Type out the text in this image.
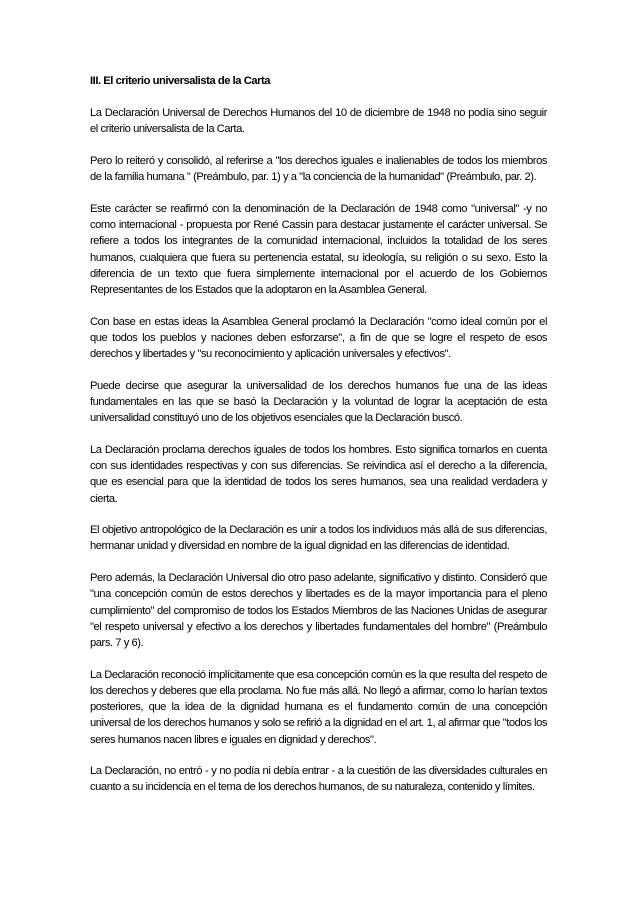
III. El criterio universalista de la Carta

La Declaración Universal de Derechos Humanos del 10 de diciembre de 1948 no podía sino seguir el criterio universalista de la Carta.

Pero lo reiteró y consolidó, al referirse a "los derechos iguales e inalienables de todos los miembros de la familia humana " (Preámbulo, par. 1) y a "la conciencia de la humanidad" (Preámbulo, par. 2).

Este carácter se reafirmó con la denominación de la Declaración de 1948 como "universal" -y no como internacional - propuesta por René Cassin para destacar justamente el carácter universal. Se refiere a todos los integrantes de la comunidad internacional, incluidos la totalidad de los seres humanos, cualquiera que fuera su pertenencia estatal, su ideología, su religión o su sexo. Esto la diferencia de un texto que fuera simplemente internacional por el acuerdo de los Gobiernos Representantes de los Estados que la adoptaron en la Asamblea General.

Con base en estas ideas la Asamblea General proclamó la Declaración "como ideal común por el que todos los pueblos y naciones deben esforzarse", a fin de que se logre el respeto de esos derechos y libertades y "su reconocimiento y aplicación universales y efectivos".

Puede decirse que asegurar la universalidad de los derechos humanos fue una de las ideas fundamentales en las que se basó la Declaración y la voluntad de lograr la aceptación de esta universalidad constituyó uno de los objetivos esenciales que la Declaración buscó.

La Declaración proclama derechos iguales de todos los hombres. Esto significa tomarlos en cuenta con sus identidades respectivas y con sus diferencias. Se reivindica así el derecho a la diferencia, que es esencial para que la identidad de todos los seres humanos, sea una realidad verdadera y cierta.

El objetivo antropológico de la Declaración es unir a todos los individuos más allá de sus diferencias, hermanar unidad y diversidad en nombre de la igual dignidad en las diferencias de identidad.

Pero además, la Declaración Universal dio otro paso adelante, significativo y distinto. Consideró que "una concepción común de estos derechos y libertades es de la mayor importancia para el pleno cumplimiento" del compromiso de todos los Estados Miembros de las Naciones Unidas de asegurar "el respeto universal y efectivo a los derechos y libertades fundamentales del hombre" (Preámbulo pars. 7 y 6).

La Declaración reconoció implícitamente que esa concepción común es la que resulta del respeto de los derechos y deberes que ella proclama. No fue más allá. No llegó a afirmar, como lo harían textos posteriores, que la idea de la dignidad humana es el fundamento común de una concepción universal de los derechos humanos y solo se refirió a la dignidad en el art. 1, al afirmar que "todos los seres humanos nacen libres e iguales en dignidad y derechos".

La Declaración, no entró - y no podía ni debía entrar - a la cuestión de las diversidades culturales en cuanto a su incidencia en el tema de los derechos humanos, de su naturaleza, contenido y límites.
